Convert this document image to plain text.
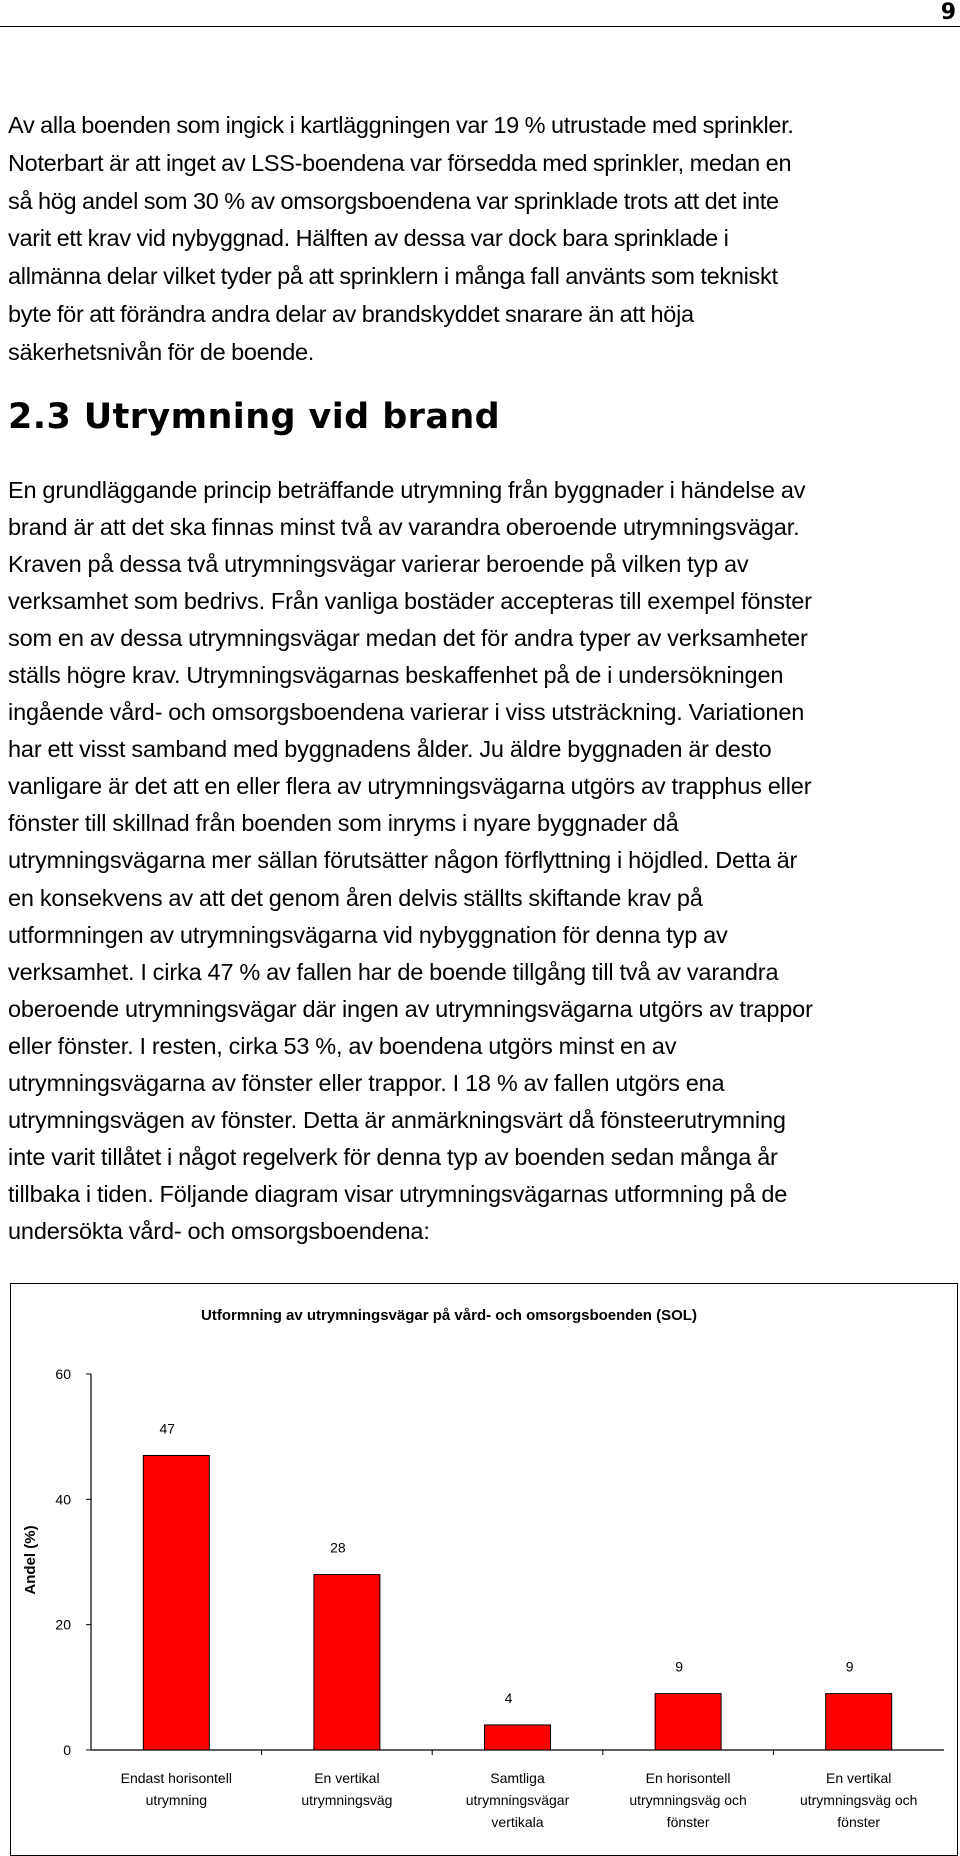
9
Av alla boenden som ingick i kartläggningen var 19 % utrustade med sprinkler.
Noterbart är att inget av LSS-boendena var försedda med sprinkler, medan en
så hög andel som 30 % av omsorgsboendena var sprinklade trots att det inte
varit ett krav vid nybyggnad. Hälften av dessa var dock bara sprinklade i
allmänna delar vilket tyder på att sprinklern i många fall använts som tekniskt
byte för att förändra andra delar av brandskyddet snarare än att höja
säkerhetsnivån för de boende.
2.3 Utrymning vid brand
En grundläggande princip beträffande utrymning från byggnader i händelse av
brand är att det ska finnas minst två av varandra oberoende utrymningsvägar.
Kraven på dessa två utrymningsvägar varierar beroende på vilken typ av
verksamhet som bedrivs. Från vanliga bostäder accepteras till exempel fönster
som en av dessa utrymningsvägar medan det för andra typer av verksamheter
ställs högre krav. Utrymningsvägarnas beskaffenhet på de i undersökningen
ingående vård- och omsorgsboendena varierar i viss utsträckning. Variationen
har ett visst samband med byggnadens ålder. Ju äldre byggnaden är desto
vanligare är det att en eller flera av utrymningsvägarna utgörs av trapphus eller
fönster till skillnad från boenden som inryms i nyare byggnader då
utrymningsvägarna mer sällan förutsätter någon förflyttning i höjdled. Detta är
en konsekvens av att det genom åren delvis ställts skiftande krav på
utformningen av utrymningsvägarna vid nybyggnation för denna typ av
verksamhet. I cirka 47 % av fallen har de boende tillgång till två av varandra
oberoende utrymningsvägar där ingen av utrymningsvägarna utgörs av trappor
eller fönster. I resten, cirka 53 %, av boendena utgörs minst en av
utrymningsvägarna av fönster eller trappor. I 18 % av fallen utgörs ena
utrymningsvägen av fönster. Detta är anmärkningsvärt då fönsteerutrymning
inte varit tillåtet i något regelverk för denna typ av boenden sedan många år
tillbaka i tiden. Följande diagram visar utrymningsvägarnas utformning på de
undersökta vård- och omsorgsboendena:
Utformning av utrymningsvägar på vård- och omsorgsboenden (SOL)
Andel (%)
0
20
40
60
47
Endast horisontell
utrymning
28
En vertikal
utrymningsväg
4
Samtliga
utrymningsvägar
vertikala
9
En horisontell
utrymningsväg och
fönster
9
En vertikal
utrymningsväg och
fönster
